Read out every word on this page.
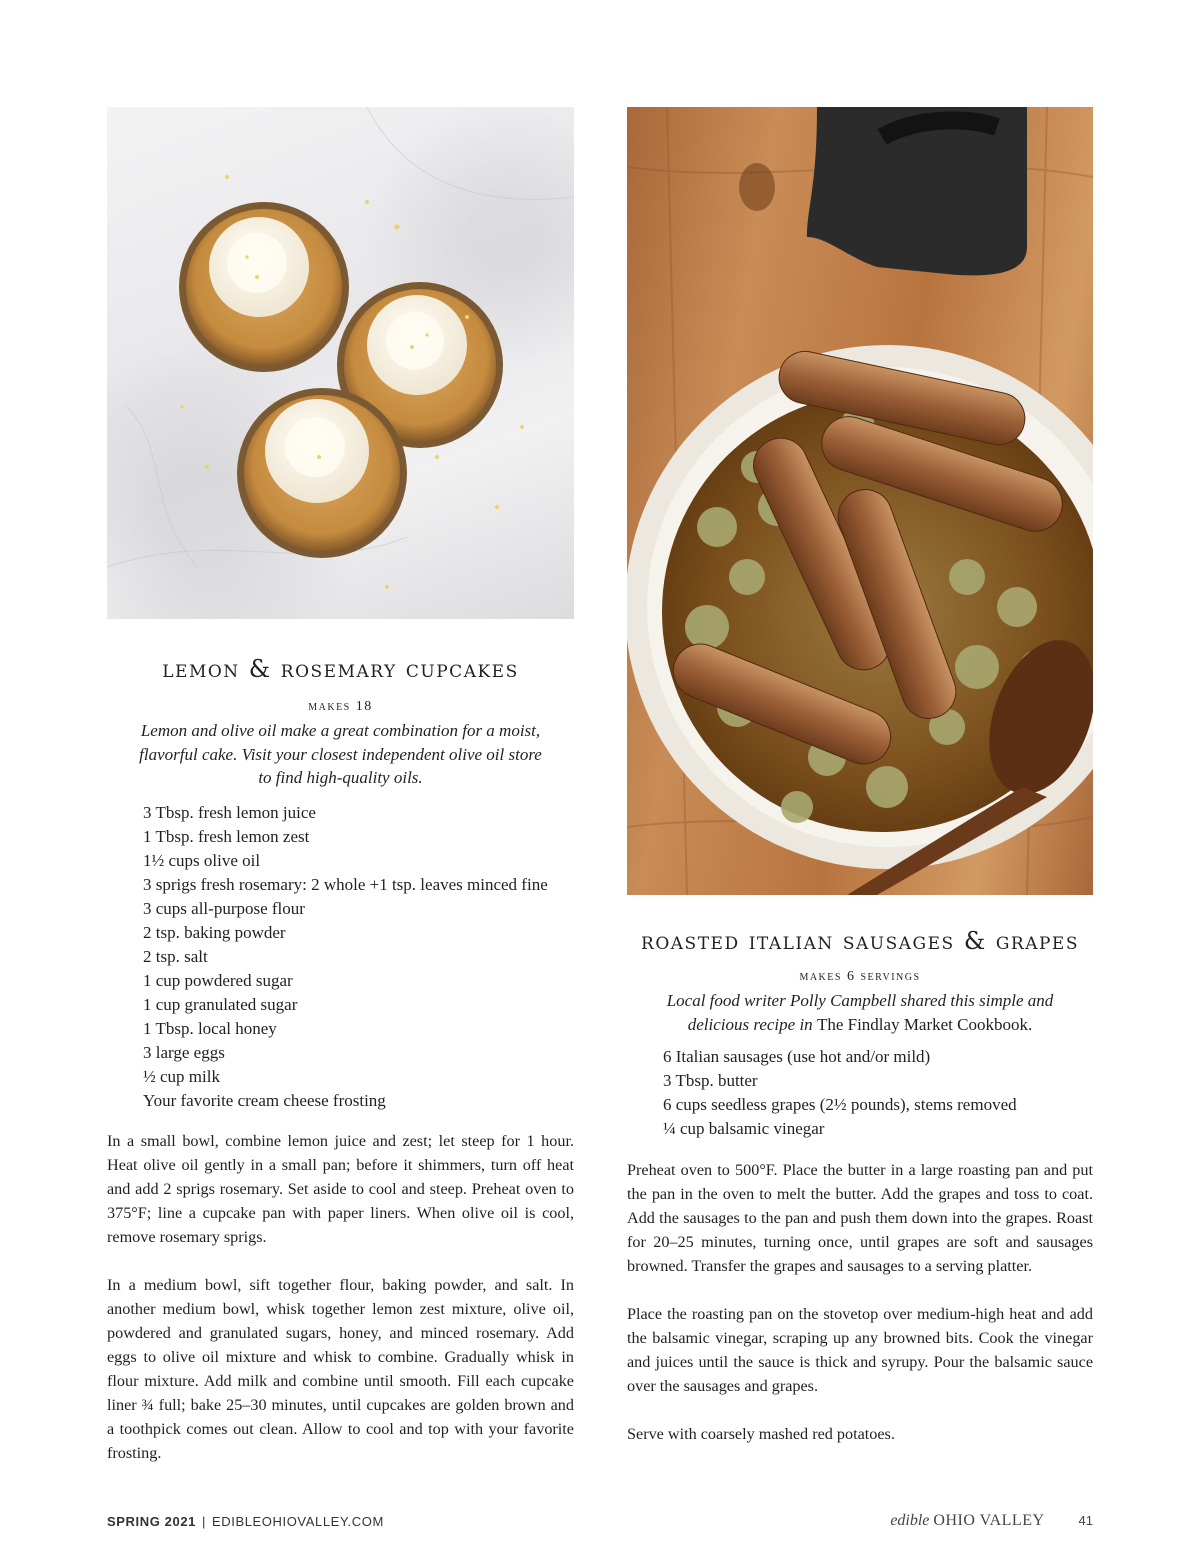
lemon & rosemary cupcakes
makes 18
Lemon and olive oil make a great combination for a moist, flavorful cake. Visit your closest independent olive oil store to find high-quality oils.
3 Tbsp. fresh lemon juice
1 Tbsp. fresh lemon zest
1½ cups olive oil
3 sprigs fresh rosemary: 2 whole +1 tsp. leaves minced fine
3 cups all-purpose flour
2 tsp. baking powder
2 tsp. salt
1 cup powdered sugar
1 cup granulated sugar
1 Tbsp. local honey
3 large eggs
½ cup milk
Your favorite cream cheese frosting

In a small bowl, combine lemon juice and zest; let steep for 1 hour. Heat olive oil gently in a small pan; before it shimmers, turn off heat and add 2 sprigs rosemary. Set aside to cool and steep. Preheat oven to 375°F; line a cupcake pan with paper liners. When olive oil is cool, remove rosemary sprigs.

In a medium bowl, sift together flour, baking powder, and salt. In another medium bowl, whisk together lemon zest mixture, olive oil, powdered and granulated sugars, honey, and minced rosemary. Add eggs to olive oil mixture and whisk to combine. Gradually whisk in flour mixture. Add milk and combine until smooth. Fill each cupcake liner ¾ full; bake 25–30 minutes, until cupcakes are golden brown and a toothpick comes out clean. Allow to cool and top with your favorite frosting.

roasted italian sausages & grapes
makes 6 servings
Local food writer Polly Campbell shared this simple and delicious recipe in The Findlay Market Cookbook.
6 Italian sausages (use hot and/or mild)
3 Tbsp. butter
6 cups seedless grapes (2½ pounds), stems removed
¼ cup balsamic vinegar

Preheat oven to 500°F. Place the butter in a large roasting pan and put the pan in the oven to melt the butter. Add the grapes and toss to coat. Add the sausages to the pan and push them down into the grapes. Roast for 20–25 minutes, turning once, until grapes are soft and sausages browned. Transfer the grapes and sausages to a serving platter.

Place the roasting pan on the stovetop over medium-high heat and add the balsamic vinegar, scraping up any browned bits. Cook the vinegar and juices until the sauce is thick and syrupy. Pour the balsamic sauce over the sausages and grapes.

Serve with coarsely mashed red potatoes.

SPRING 2021 | EDIBLEOHIOVALLEY.COM	edible OHIO VALLEY	41
